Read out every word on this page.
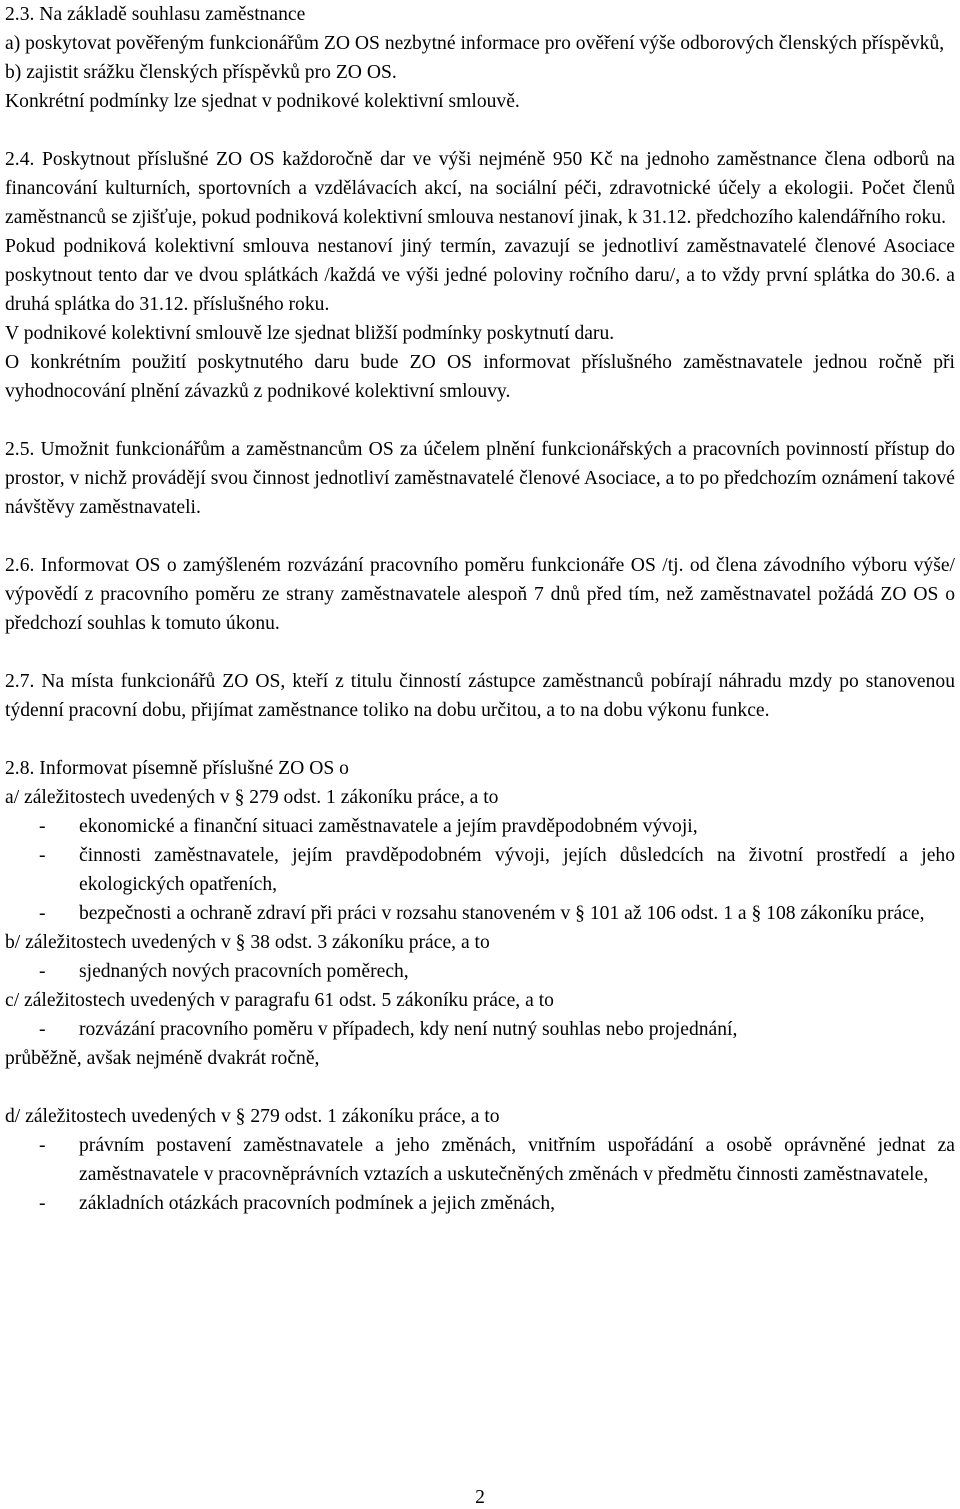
2.3. Na základě souhlasu zaměstnance
a) poskytovat pověřeným funkcionářům ZO OS nezbytné informace pro ověření výše odborových členských příspěvků,
b) zajistit srážku členských příspěvků pro ZO OS.
Konkrétní podmínky lze sjednat v podnikové kolektivní smlouvě.
2.4. Poskytnout příslušné ZO OS každoročně dar ve výši nejméně 950 Kč na jednoho zaměstnance člena odborů na financování kulturních, sportovních a vzdělávacích akcí, na sociální péči, zdravotnické účely a ekologii. Počet členů zaměstnanců se zjišťuje, pokud podniková kolektivní smlouva nestanoví jinak, k 31.12. předchozího kalendářního roku.
Pokud podniková kolektivní smlouva nestanoví jiný termín, zavazují se jednotliví zaměstnavatelé členové Asociace poskytnout tento dar ve dvou splátkách /každá ve výši jedné poloviny ročního daru/, a to vždy první splátka do 30.6. a druhá splátka do 31.12. příslušného roku.
V podnikové kolektivní smlouvě lze sjednat bližší podmínky poskytnutí daru.
O konkrétním použití poskytnutého daru bude ZO OS informovat příslušného zaměstnavatele jednou ročně při vyhodnocování plnění závazků z podnikové kolektivní smlouvy.
2.5. Umožnit funkcionářům a zaměstnancům OS za účelem plnění funkcionářských a pracovních povinností přístup do prostor, v nichž provádějí svou činnost jednotliví zaměstnavatelé členové Asociace, a to po předchozím oznámení takové návštěvy zaměstnavateli.
2.6. Informovat OS o zamýšleném rozvázání pracovního poměru funkcionáře OS /tj. od člena závodního výboru výše/ výpovědí z pracovního poměru ze strany zaměstnavatele alespoň 7 dnů před tím, než zaměstnavatel požádá ZO OS o předchozí souhlas k tomuto úkonu.
2.7. Na místa funkcionářů ZO OS, kteří z titulu činností zástupce zaměstnanců pobírají náhradu mzdy po stanovenou týdenní pracovní dobu, přijímat zaměstnance toliko na dobu určitou, a to na dobu výkonu funkce.
2.8. Informovat písemně příslušné ZO OS o
a/ záležitostech uvedených v § 279 odst. 1 zákoníku práce, a to
- ekonomické a finanční situaci zaměstnavatele a jejím pravděpodobném vývoji,
- činnosti zaměstnavatele, jejím pravděpodobném vývoji, jejích důsledcích na životní prostředí a jeho ekologických opatřeních,
- bezpečnosti a ochraně zdraví při práci v rozsahu stanoveném v § 101 až 106 odst. 1 a § 108 zákoníku práce,
b/ záležitostech uvedených v § 38 odst. 3 zákoníku práce, a to
- sjednaných nových pracovních poměrech,
c/ záležitostech uvedených v paragrafu 61 odst. 5 zákoníku práce, a to
- rozvázání pracovního poměru v případech, kdy není nutný souhlas nebo projednání,
průběžně, avšak nejméně dvakrát ročně,
d/ záležitostech uvedených v § 279 odst. 1 zákoníku práce, a to
- právním postavení zaměstnavatele a jeho změnách, vnitřním uspořádání a osobě oprávněné jednat za zaměstnavatele v pracovněprávních vztazích a uskutečněných změnách v předmětu činnosti zaměstnavatele,
- základních otázkách pracovních podmínek a jejich změnách,
2
